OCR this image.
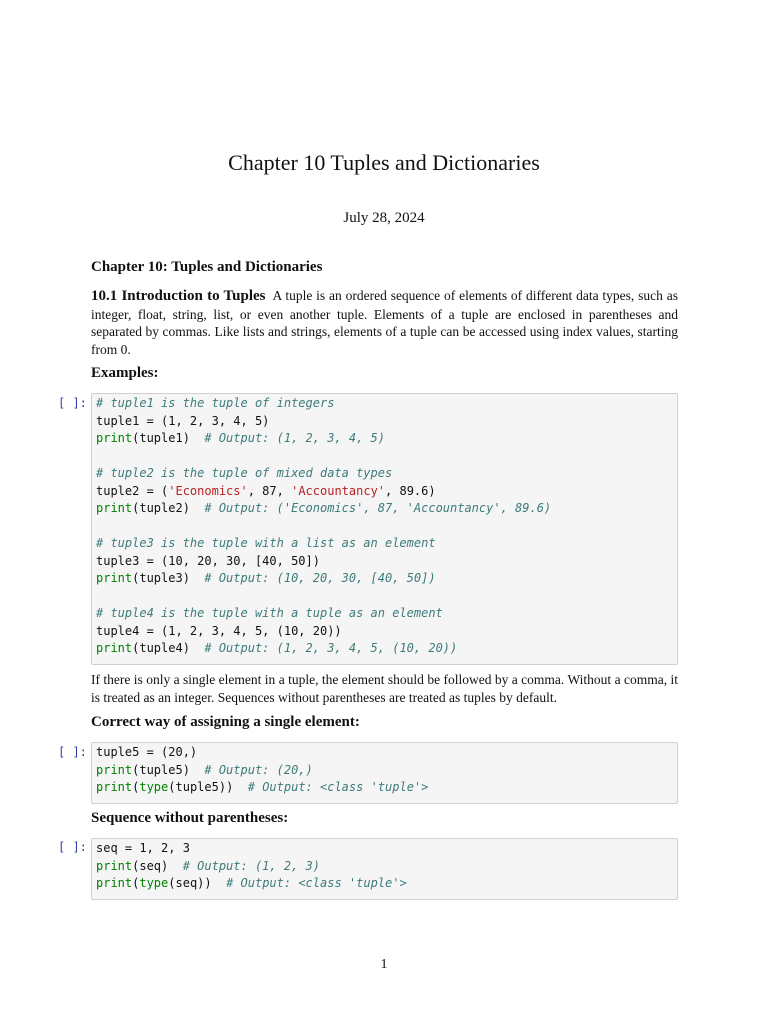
Chapter 10 Tuples and Dictionaries
July 28, 2024
Chapter 10: Tuples and Dictionaries
10.1 Introduction to Tuples A tuple is an ordered sequence of elements of different data types, such as integer, float, string, list, or even another tuple. Elements of a tuple are enclosed in parentheses and separated by commas. Like lists and strings, elements of a tuple can be accessed using index values, starting from 0.
Examples:
[ ]: # tuple1 is the tuple of integers
tuple1 = (1, 2, 3, 4, 5)
print(tuple1) # Output: (1, 2, 3, 4, 5)
# tuple2 is the tuple of mixed data types
tuple2 = ('Economics', 87, 'Accountancy', 89.6)
print(tuple2) # Output: ('Economics', 87, 'Accountancy', 89.6)
# tuple3 is the tuple with a list as an element
tuple3 = (10, 20, 30, [40, 50])
print(tuple3) # Output: (10, 20, 30, [40, 50])
# tuple4 is the tuple with a tuple as an element
tuple4 = (1, 2, 3, 4, 5, (10, 20))
print(tuple4) # Output: (1, 2, 3, 4, 5, (10, 20))
If there is only a single element in a tuple, the element should be followed by a comma. Without a comma, it is treated as an integer. Sequences without parentheses are treated as tuples by default.
Correct way of assigning a single element:
[ ]: tuple5 = (20,)
print(tuple5) # Output: (20,)
print(type(tuple5)) # Output: <class 'tuple'>
Sequence without parentheses:
[ ]: seq = 1, 2, 3
print(seq) # Output: (1, 2, 3)
print(type(seq)) # Output: <class 'tuple'>
1
